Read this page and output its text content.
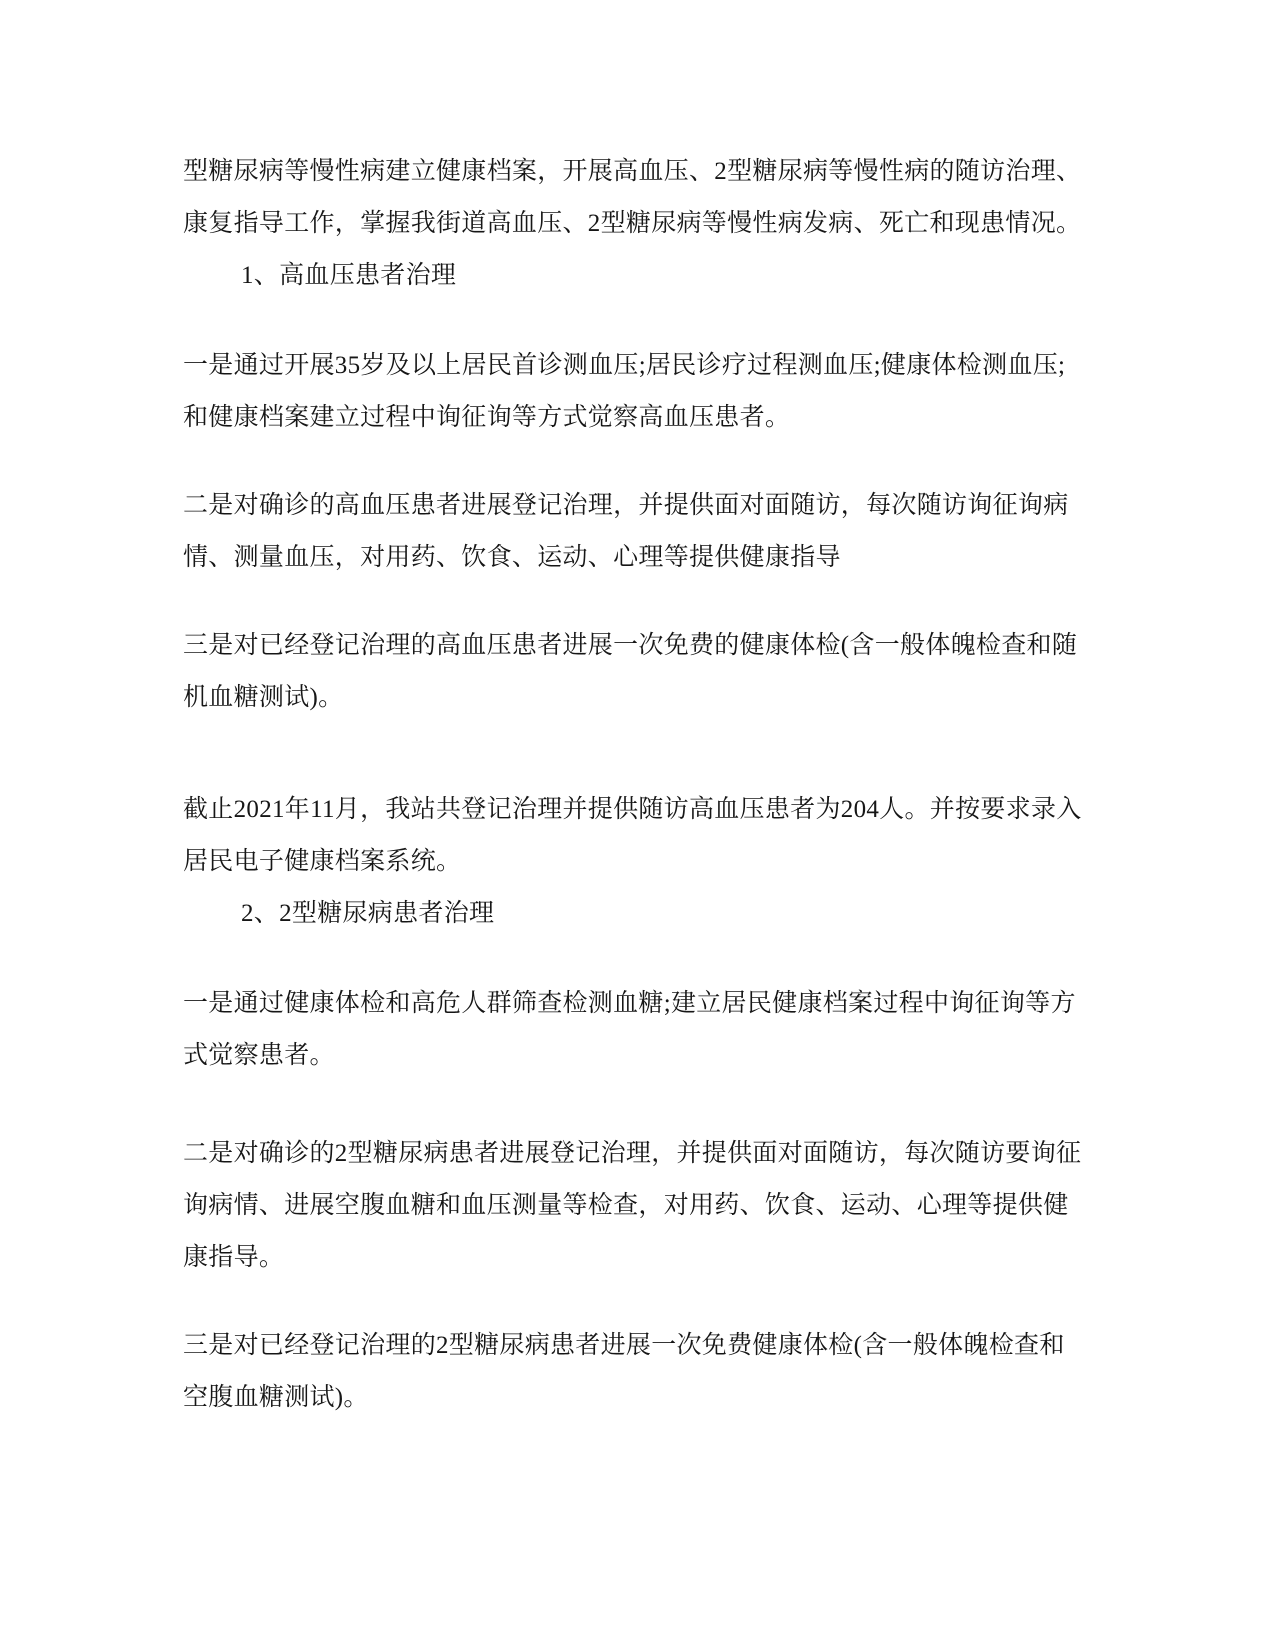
型糖尿病等慢性病建立健康档案，开展高血压、2型糖尿病等慢性病的随访治理、
康复指导工作，掌握我街道高血压、2型糖尿病等慢性病发病、死亡和现患情况。
1、高血压患者治理
一是通过开展35岁及以上居民首诊测血压;居民诊疗过程测血压;健康体检测血压;
和健康档案建立过程中询征询等方式觉察高血压患者。
二是对确诊的高血压患者进展登记治理，并提供面对面随访，每次随访询征询病
情、测量血压，对用药、饮食、运动、心理等提供健康指导
三是对已经登记治理的高血压患者进展一次免费的健康体检(含一般体魄检查和随
机血糖测试)。
截止2021年11月，我站共登记治理并提供随访高血压患者为204人。并按要求录入
居民电子健康档案系统。
2、2型糖尿病患者治理
一是通过健康体检和高危人群筛查检测血糖;建立居民健康档案过程中询征询等方
式觉察患者。
二是对确诊的2型糖尿病患者进展登记治理，并提供面对面随访，每次随访要询征
询病情、进展空腹血糖和血压测量等检查，对用药、饮食、运动、心理等提供健
康指导。
三是对已经登记治理的2型糖尿病患者进展一次免费健康体检(含一般体魄检查和
空腹血糖测试)。
